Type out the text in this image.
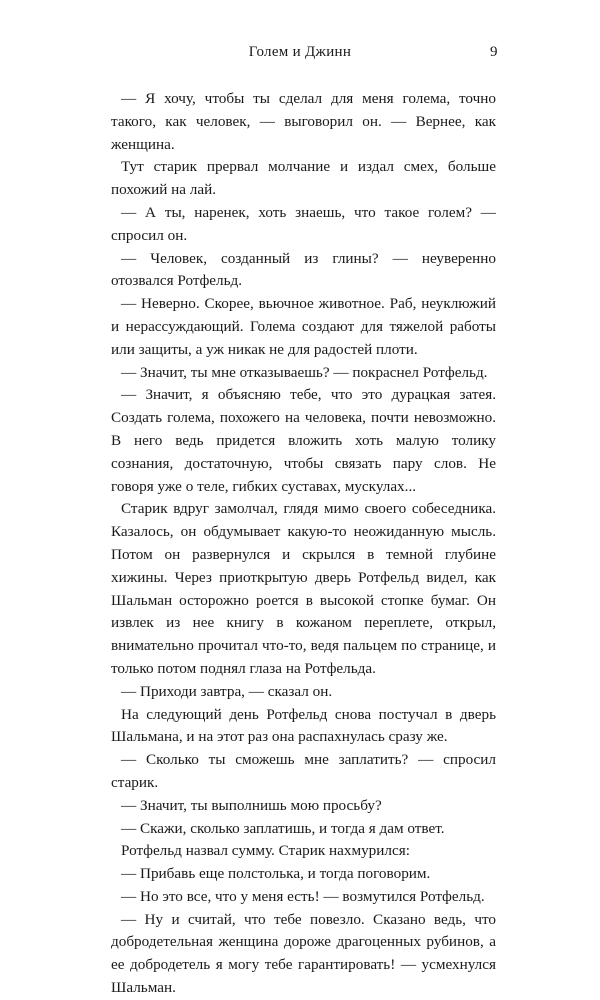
Голем и Джинн	9

— Я хочу, чтобы ты сделал для меня голема, точно такого, как человек, — выговорил он. — Вернее, как женщина.

Тут старик прервал молчание и издал смех, больше похожий на лай.

— А ты, наренек, хоть знаешь, что такое голем? — спросил он.

— Человек, созданный из глины? — неуверенно отозвался Ротфельд.

— Неверно. Скорее, вьючное животное. Раб, неуклюжий и нерассуждающий. Голема создают для тяжелой работы или защиты, а уж никак не для радостей плоти.

— Значит, ты мне отказываешь? — покраснел Ротфельд.

— Значит, я объясняю тебе, что это дурацкая затея. Создать голема, похожего на человека, почти невозможно. В него ведь придется вложить хоть малую толику сознания, достаточную, чтобы связать пару слов. Не говоря уже о теле, гибких суставах, мускулах...

Старик вдруг замолчал, глядя мимо своего собеседника. Казалось, он обдумывает какую-то неожиданную мысль. Потом он развернулся и скрылся в темной глубине хижины. Через приоткрытую дверь Ротфельд видел, как Шальман осторожно роется в высокой стопке бумаг. Он извлек из нее книгу в кожаном переплете, открыл, внимательно прочитал что-то, ведя пальцем по странице, и только потом поднял глаза на Ротфельда.

— Приходи завтра, — сказал он.

На следующий день Ротфельд снова постучал в дверь Шальмана, и на этот раз она распахнулась сразу же.

— Сколько ты сможешь мне заплатить? — спросил старик.

— Значит, ты выполнишь мою просьбу?

— Скажи, сколько заплатишь, и тогда я дам ответ.

Ротфельд назвал сумму. Старик нахмурился:

— Прибавь еще полстолька, и тогда поговорим.

— Но это все, что у меня есть! — возмутился Ротфельд.

— Ну и считай, что тебе повезло. Сказано ведь, что добродетельная женщина дороже драгоценных рубинов, а ее добродетель я могу тебе гарантировать! — усмехнулся Шальман.
